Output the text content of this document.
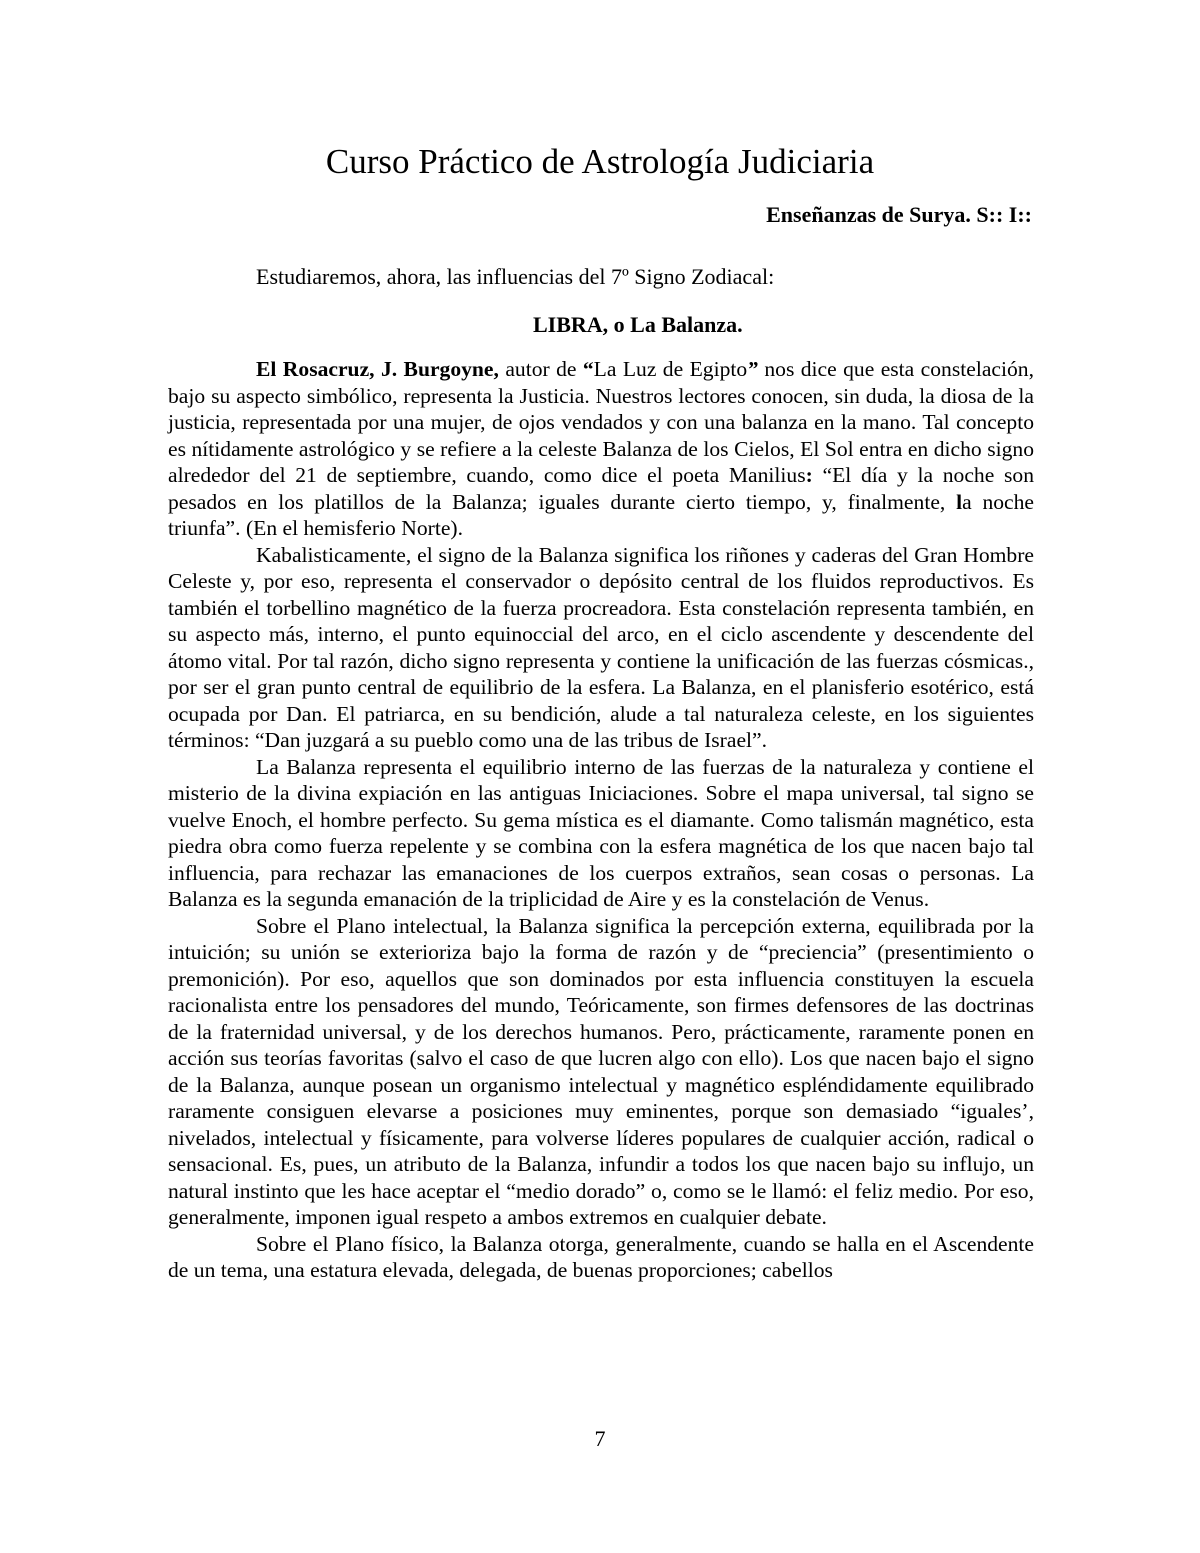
Curso Práctico de Astrología Judiciaria

Enseñanzas de Surya. S:: I::

Estudiaremos, ahora, las influencias del 7º Signo Zodiacal:

LIBRA, o La Balanza.

El Rosacruz, J. Burgoyne, autor de “La Luz de Egipto” nos dice que esta constelación, bajo su aspecto simbólico, representa la Justicia. Nuestros lectores conocen, sin duda, la diosa de la justicia, representada por una mujer, de ojos vendados y con una balanza en la mano. Tal concepto es nítidamente astrológico y se refiere a la celeste Balanza de los Cielos, El Sol entra en dicho signo alrededor del 21 de septiembre, cuando, como dice el poeta Manilius: “El día y la noche son pesados en los platillos de la Balanza; iguales durante cierto tiempo, y, finalmente, la noche triunfa”. (En el hemisferio Norte).

Kabalisticamente, el signo de la Balanza significa los riñones y caderas del Gran Hombre Celeste y, por eso, representa el conservador o depósito central de los fluidos reproductivos. Es también el torbellino magnético de la fuerza procreadora. Esta constelación representa también, en su aspecto más, interno, el punto equinoccial del arco, en el ciclo ascendente y descendente del átomo vital. Por tal razón, dicho signo representa y contiene la unificación de las fuerzas cósmicas., por ser el gran punto central de equilibrio de la esfera. La Balanza, en el planisferio esotérico, está ocupada por Dan. El patriarca, en su bendición, alude a tal naturaleza celeste, en los siguientes términos: “Dan juzgará a su pueblo como una de las tribus de Israel”.

La Balanza representa el equilibrio interno de las fuerzas de la naturaleza y contiene el misterio de la divina expiación en las antiguas Iniciaciones. Sobre el mapa universal, tal signo se vuelve Enoch, el hombre perfecto. Su gema mística es el diamante. Como talismán magnético, esta piedra obra como fuerza repelente y se combina con la esfera magnética de los que nacen bajo tal influencia, para rechazar las emanaciones de los cuerpos extraños, sean cosas o personas. La Balanza es la segunda emanación de la triplicidad de Aire y es la constelación de Venus.

Sobre el Plano intelectual, la Balanza significa la percepción externa, equilibrada por la intuición; su unión se exterioriza bajo la forma de razón y de “preciencia” (presentimiento o premonición). Por eso, aquellos que son dominados por esta influencia constituyen la escuela racionalista entre los pensadores del mundo, Teóricamente, son firmes defensores de las doctrinas de la fraternidad universal, y de los derechos humanos. Pero, prácticamente, raramente ponen en acción sus teorías favoritas (salvo el caso de que lucren algo con ello). Los que nacen bajo el signo de la Balanza, aunque posean un organismo intelectual y magnético espléndidamente equilibrado raramente consiguen elevarse a posiciones muy eminentes, porque son demasiado “iguales’, nivelados, intelectual y físicamente, para volverse líderes populares de cualquier acción, radical o sensacional. Es, pues, un atributo de la Balanza, infundir a todos los que nacen bajo su influjo, un natural instinto que les hace aceptar el “medio dorado” o, como se le llamó: el feliz medio. Por eso, generalmente, imponen igual respeto a ambos extremos en cualquier debate.

Sobre el Plano físico, la Balanza otorga, generalmente, cuando se halla en el Ascendente de un tema, una estatura elevada, delegada, de buenas proporciones; cabellos

7
